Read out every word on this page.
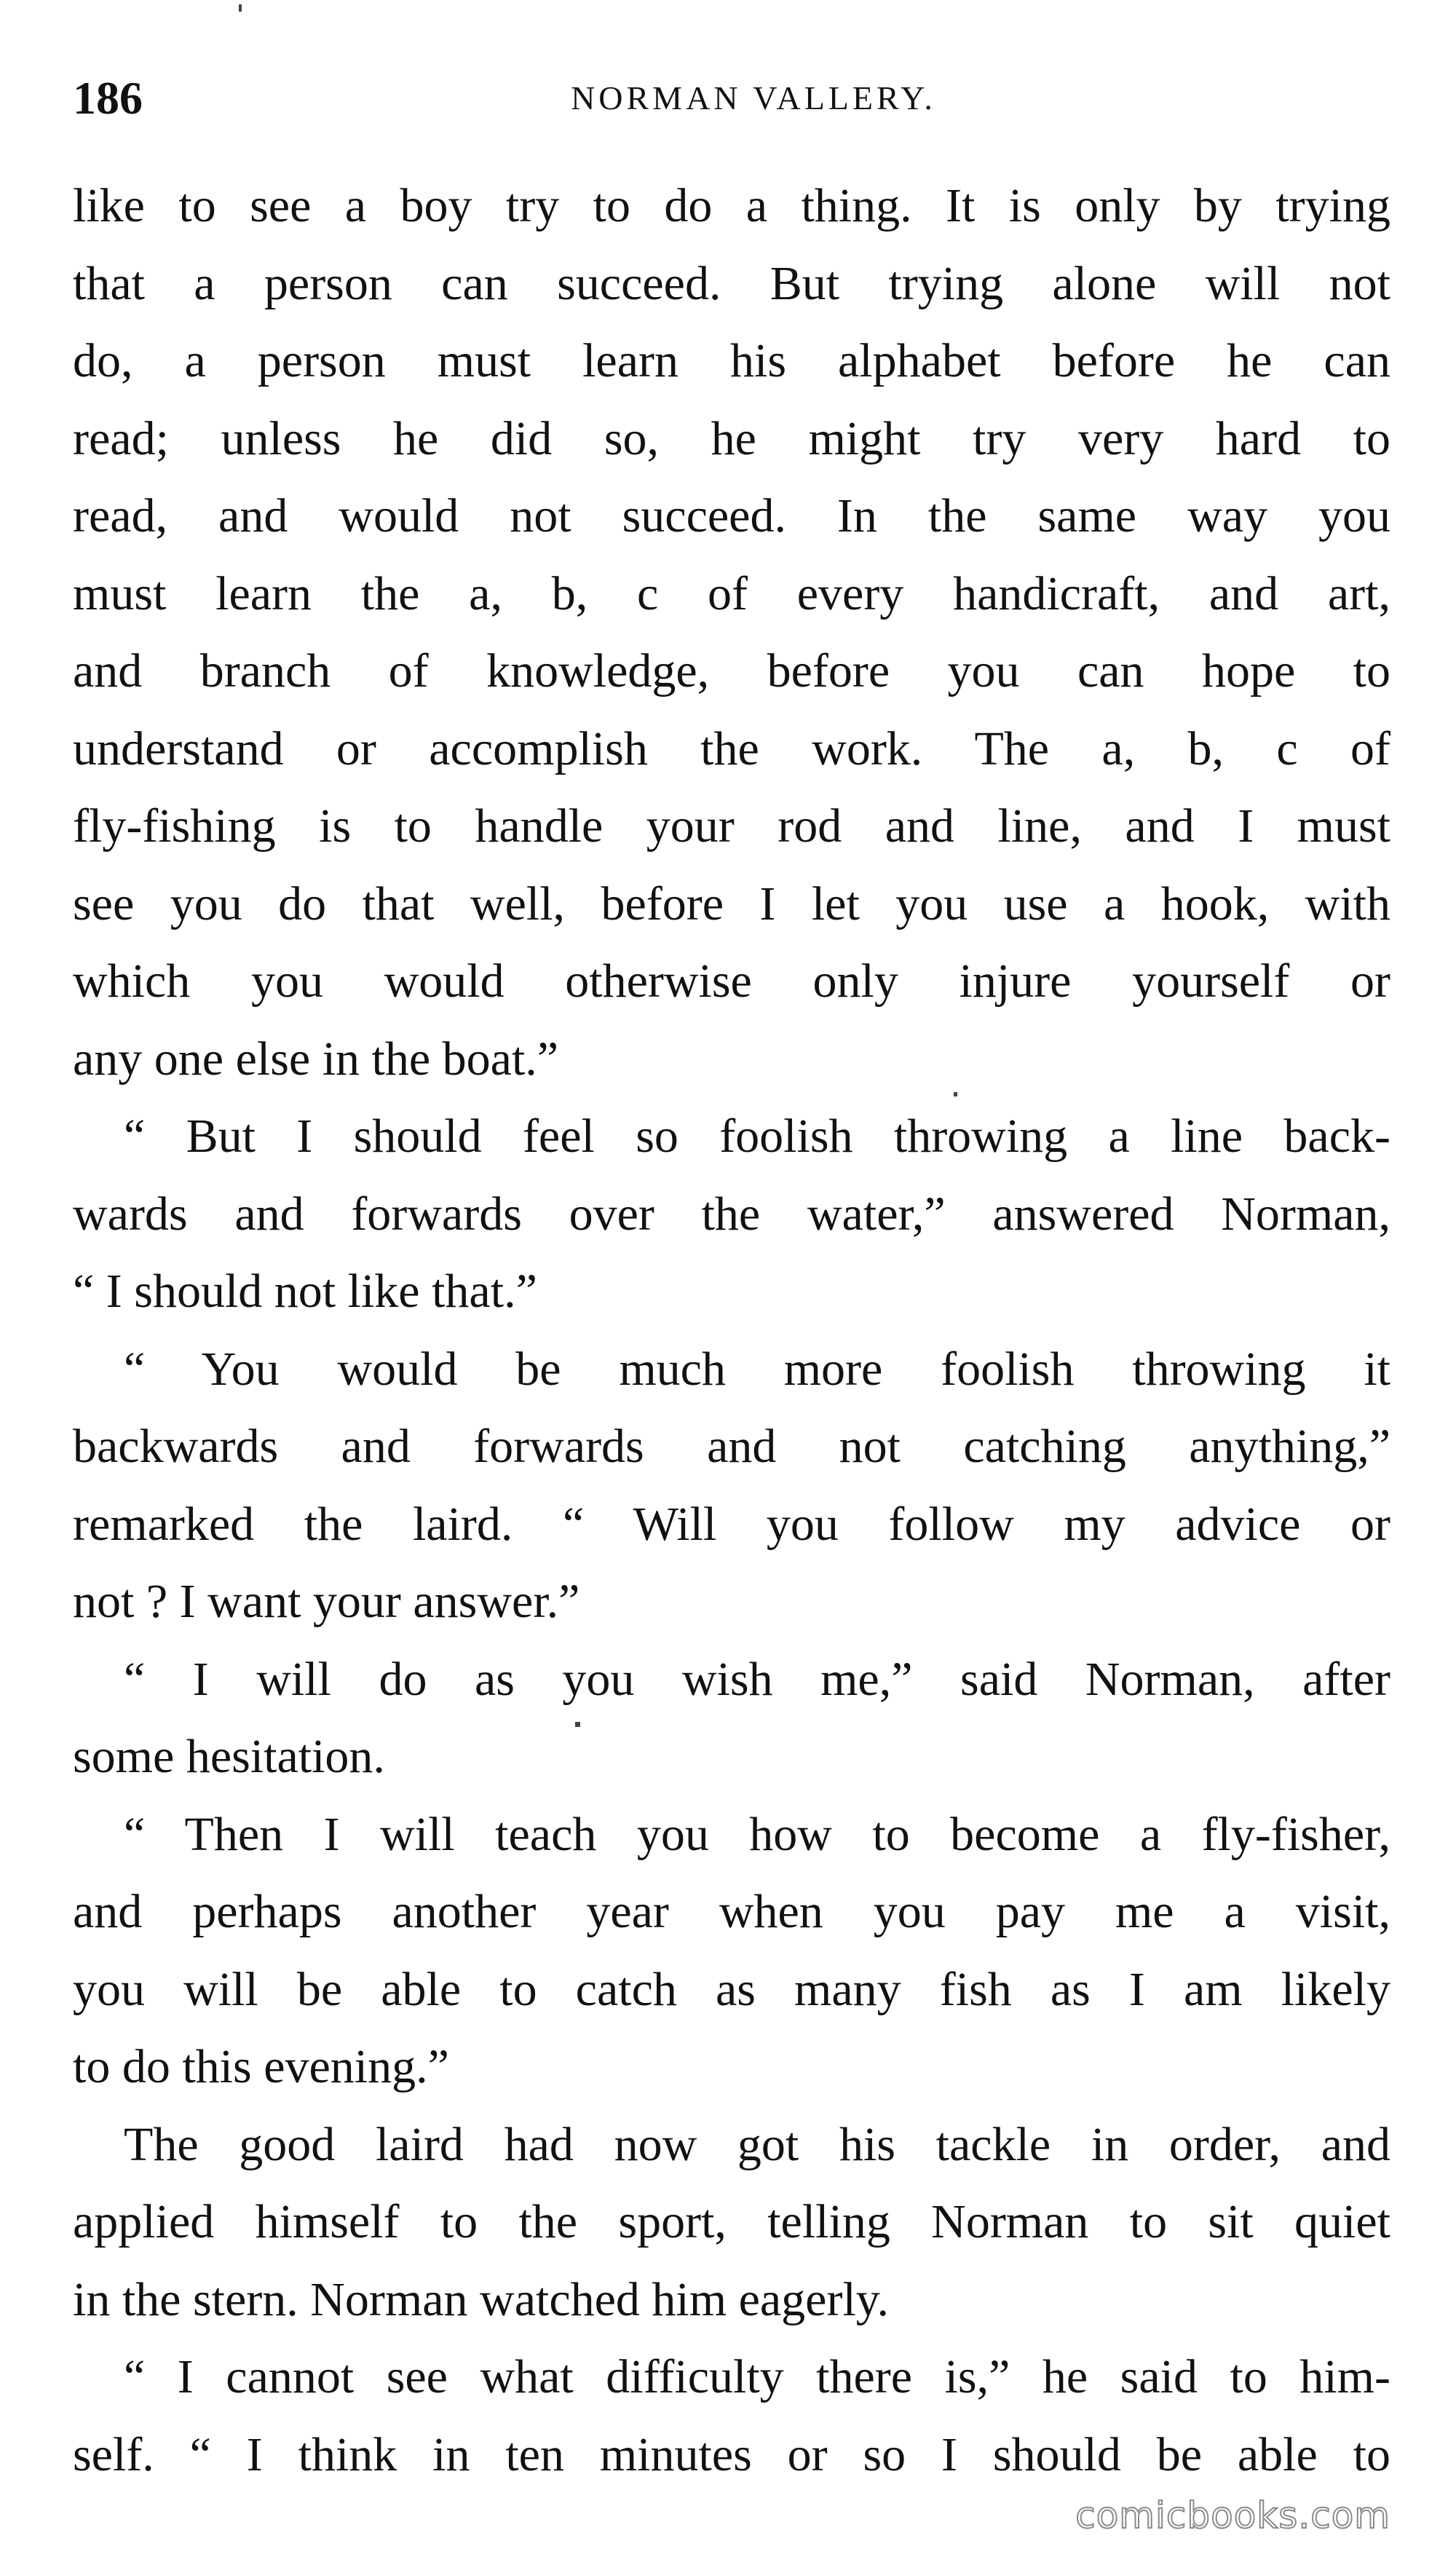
186	NORMAN VALLERY.
like to see a boy try to do a thing. It is only by trying
that a person can succeed. But trying alone will not
do, a person must learn his alphabet before he can
read; unless he did so, he might try very hard to
read, and would not succeed. In the same way you
must learn the a, b, c of every handicraft, and art,
and branch of knowledge, before you can hope to
understand or accomplish the work. The a, b, c of
fly-fishing is to handle your rod and line, and I must
see you do that well, before I let you use a hook, with
which you would otherwise only injure yourself or
any one else in the boat.”
“ But I should feel so foolish throwing a line back-
wards and forwards over the water,” answered Norman,
“ I should not like that.”
“ You would be much more foolish throwing it
backwards and forwards and not catching anything,”
remarked the laird. “ Will you follow my advice or
not ? I want your answer.”
“ I will do as you wish me,” said Norman, after
some hesitation.
“ Then I will teach you how to become a fly-fisher,
and perhaps another year when you pay me a visit,
you will be able to catch as many fish as I am likely
to do this evening.”
The good laird had now got his tackle in order, and
applied himself to the sport, telling Norman to sit quiet
in the stern. Norman watched him eagerly.
“ I cannot see what difficulty there is,” he said to him-
self. “ I think in ten minutes or so I should be able to
comicbooks.com
